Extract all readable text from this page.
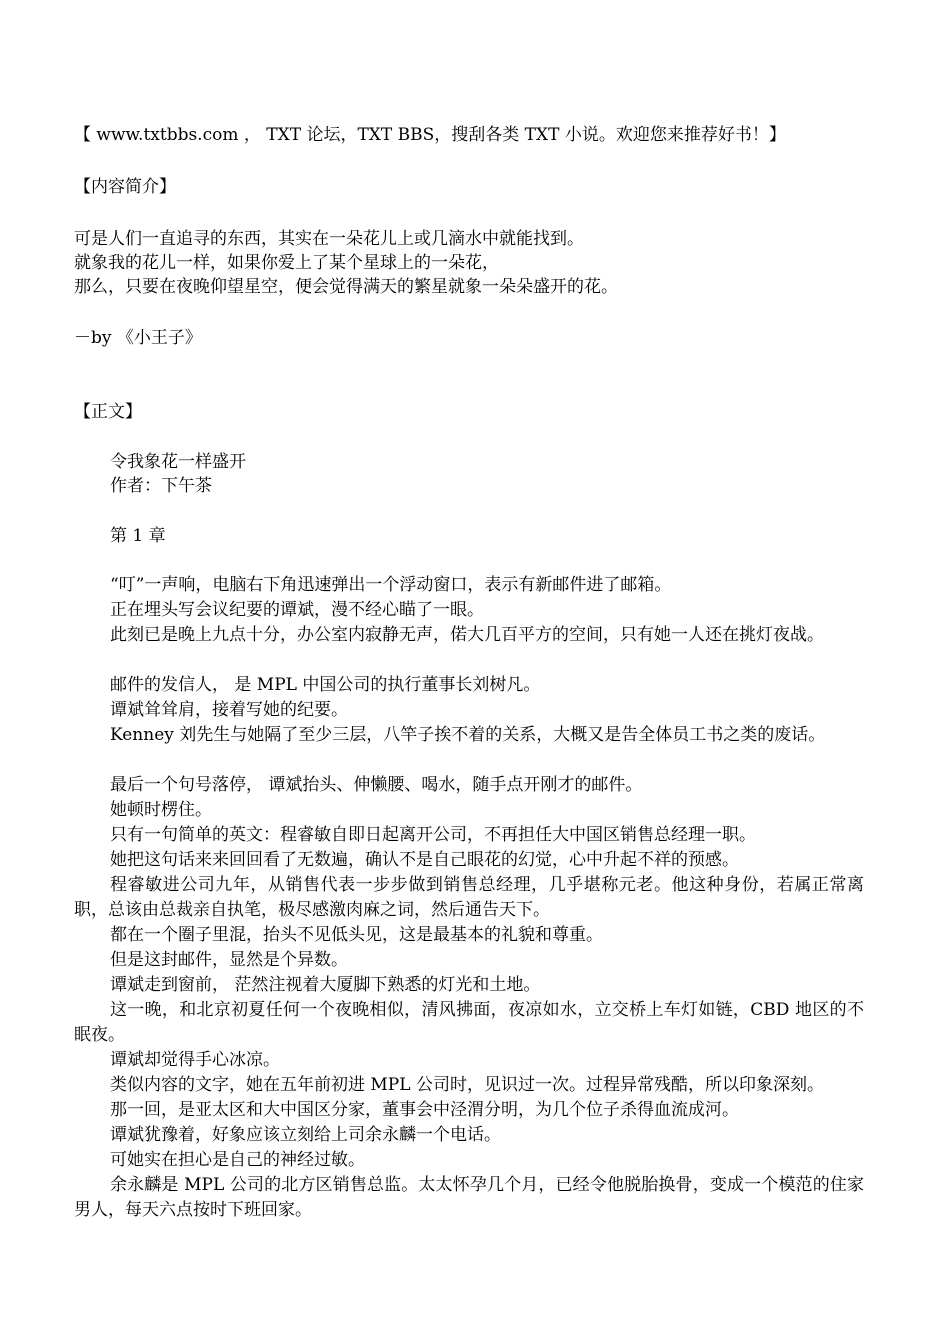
【 www.txtbbs.com ， TXT 论坛，TXT BBS，搜刮各类 TXT 小说。欢迎您来推荐好书！】
【内容简介】
可是人们一直追寻的东西，其实在一朵花儿上或几滴水中就能找到。
就象我的花儿一样，如果你爱上了某个星球上的一朵花，
那么，只要在夜晚仰望星空，便会觉得满天的繁星就象一朵朵盛开的花。
－by 《小王子》
【正文】
令我象花一样盛开
作者：下午茶
第 1 章
“叮”一声响，电脑右下角迅速弹出一个浮动窗口，表示有新邮件进了邮箱。
正在埋头写会议纪要的谭斌，漫不经心瞄了一眼。
此刻已是晚上九点十分，办公室内寂静无声，偌大几百平方的空间，只有她一人还在挑灯夜战。
邮件的发信人， 是 MPL 中国公司的执行董事长刘树凡。
谭斌耸耸肩，接着写她的纪要。
Kenney 刘先生与她隔了至少三层，八竿子挨不着的关系，大概又是告全体员工书之类的废话。
最后一个句号落停， 谭斌抬头、伸懒腰、喝水，随手点开刚才的邮件。
她顿时楞住。
只有一句简单的英文：程睿敏自即日起离开公司，不再担任大中国区销售总经理一职。
她把这句话来来回回看了无数遍，确认不是自己眼花的幻觉，心中升起不祥的预感。
程睿敏进公司九年，从销售代表一步步做到销售总经理，几乎堪称元老。他这种身份，若属正常离职，总该由总裁亲自执笔，极尽感激肉麻之词，然后通告天下。
都在一个圈子里混，抬头不见低头见，这是最基本的礼貌和尊重。
但是这封邮件，显然是个异数。
谭斌走到窗前， 茫然注视着大厦脚下熟悉的灯光和土地。
这一晚，和北京初夏任何一个夜晚相似，清风拂面，夜凉如水，立交桥上车灯如链，CBD 地区的不眠夜。
谭斌却觉得手心冰凉。
类似内容的文字，她在五年前初进 MPL 公司时，见识过一次。过程异常残酷，所以印象深刻。
那一回，是亚太区和大中国区分家，董事会中泾渭分明，为几个位子杀得血流成河。
谭斌犹豫着，好象应该立刻给上司余永麟一个电话。
可她实在担心是自己的神经过敏。
余永麟是 MPL 公司的北方区销售总监。太太怀孕几个月，已经令他脱胎换骨，变成一个模范的住家男人，每天六点按时下班回家。
